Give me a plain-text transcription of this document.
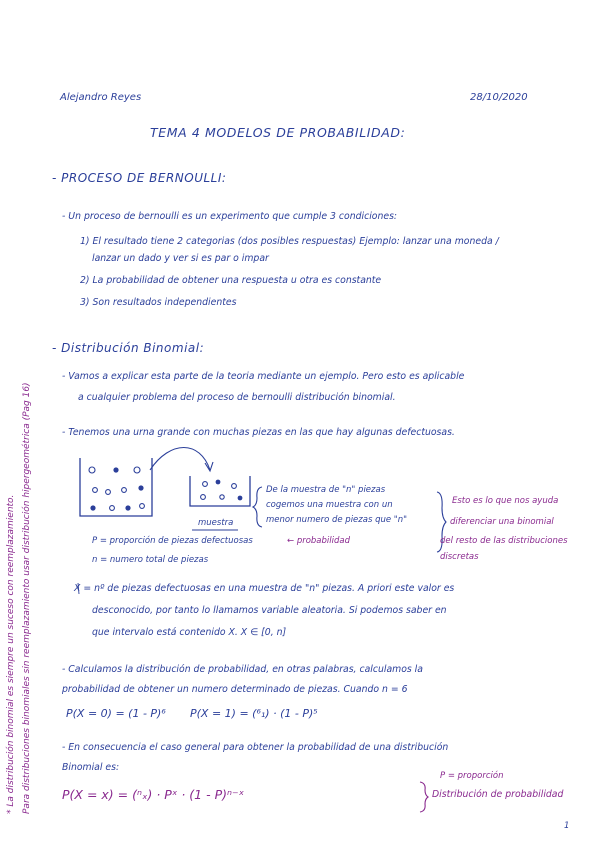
Alejandro Reyes	28/10/2020
TEMA 4 MODELOS DE PROBABILIDAD:
- PROCESO DE BERNOULLI:
- Un proceso de bernoulli es un experimento que cumple 3 condiciones:
1) El resultado tiene 2 categorias (dos posibles respuestas) Ejemplo: lanzar una moneda /
lanzar un dado y ver si es par o impar
2) La probabilidad de obtener una respuesta u otra es constante
3) Son resultados independientes
- Distribución Binomial:
- Vamos a explicar esta parte de la teoria mediante un ejemplo. Pero esto es aplicable
a cualquier problema del proceso de bernoulli distribución binomial.
- Tenemos una urna grande con muchas piezas en las que hay algunas defectuosas.
muestra
De la muestra de "n" piezas
cogemos una muestra con un
menor numero de piezas que "n"
Esto es lo que nos ayuda
diferenciar una binomial
del resto de las distribuciones
discretas
P = proporción de piezas defectuosas	← probabilidad
n = numero total de piezas
X = nº de piezas defectuosas en una muestra de "n" piezas. A priori este valor es
desconocido, por tanto lo llamamos variable aleatoria. Si podemos saber en
que intervalo está contenido X. X ∈ [0, n]
- Calculamos la distribución de probabilidad, en otras palabras, calculamos la
probabilidad de obtener un numero determinado de piezas. Cuando n = 6
P(X = 0) = (1 - P)⁶ P(X = 1) = (⁶₁) · (1 - P)⁵
- En consecuencia el caso general para obtener la probabilidad de una distribución
Binomial es:
P(X = x) = (ⁿₓ) · Pˣ · (1 - P)ⁿ⁻ˣ	Distribución de probabilidad
P = proporción
* La distribución binomial es siempre un suceso con reemplazamiento. Para distribuciones binomiales sin reemplazamiento usar distribución hipergeométrica (Pag 16)
1
